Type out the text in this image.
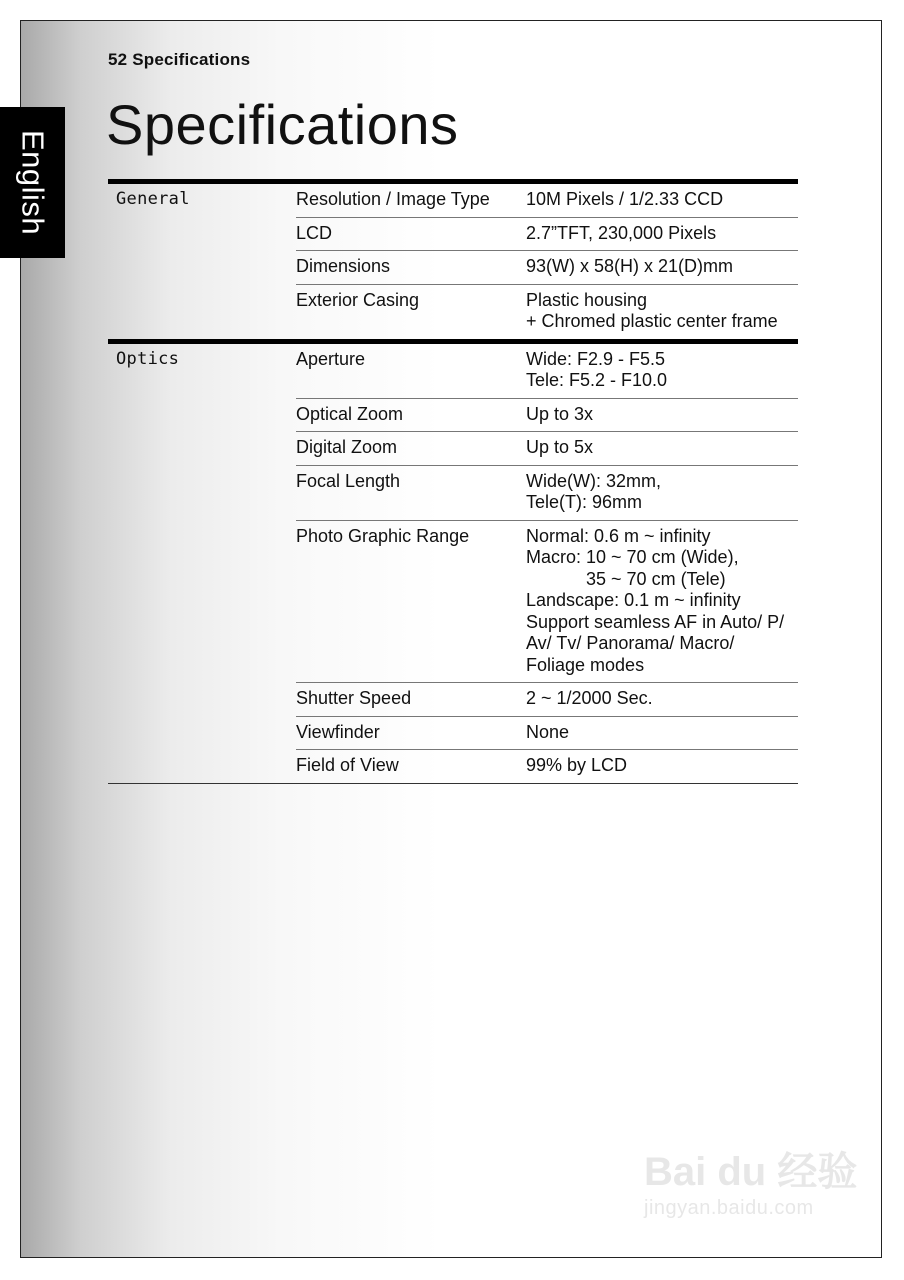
English
52 Specifications
Specifications
General	Resolution / Image Type	10M Pixels / 1/2.33 CCD
LCD	2.7”TFT, 230,000 Pixels
Dimensions	93(W) x 58(H) x 21(D)mm
Exterior Casing	Plastic housing
+ Chromed plastic center frame
Optics	Aperture	Wide: F2.9 - F5.5
Tele: F5.2 - F10.0
Optical Zoom	Up to 3x
Digital Zoom	Up to 5x
Focal Length	Wide(W): 32mm,
Tele(T): 96mm
Photo Graphic Range	Normal: 0.6 m ~ infinity
Macro: 10 ~ 70 cm (Wide),
35 ~ 70 cm (Tele)
Landscape: 0.1 m ~ infinity
Support seamless AF in Auto/ P/
Av/ Tv/ Panorama/ Macro/
Foliage modes
Shutter Speed	2 ~ 1/2000 Sec.
Viewfinder	None
Field of View	99% by LCD
Bai du 经验
jingyan.baidu.com
